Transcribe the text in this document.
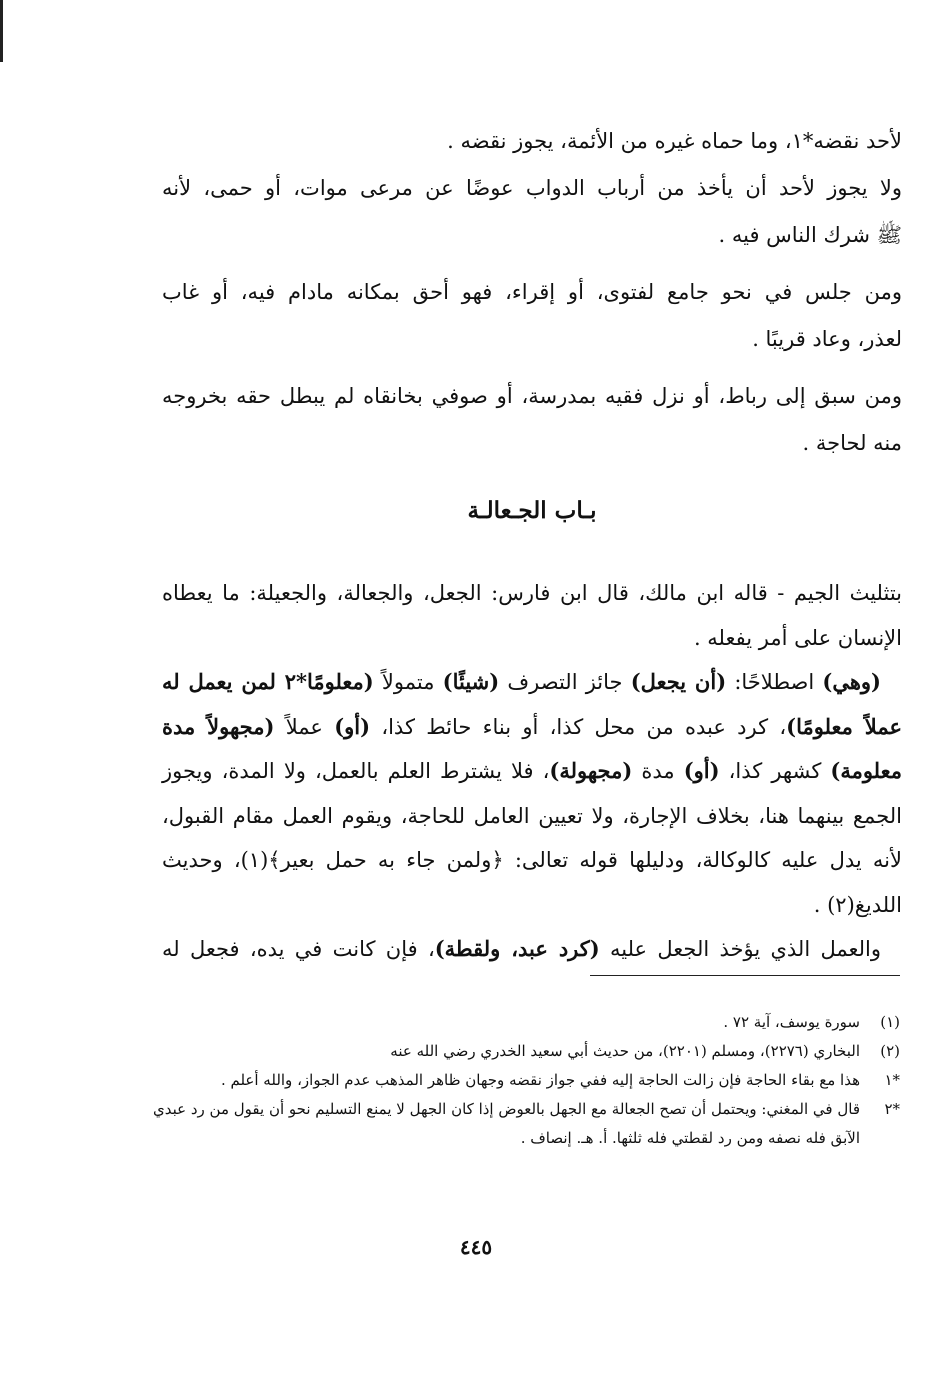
لأحد نقضه*١، وما حماه غيره من الأئمة، يجوز نقضه .
ولا يجوز لأحد أن يأخذ من أرباب الدواب عوضًا عن مرعى موات، أو حمى، لأنه
ﷺ شرك الناس فيه .
ومن جلس في نحو جامع لفتوى، أو إقراء، فهو أحق بمكانه مادام فيه، أو غاب
لعذر، وعاد قريبًا .
ومن سبق إلى رباط، أو نزل فقيه بمدرسة، أو صوفي بخانقاه لم يبطل حقه بخروجه
منه لحاجة .
بـاب الجـعالـة
بتثليث الجيم - قاله ابن مالك، قال ابن فارس: الجعل، والجعالة، والجعيلة: ما يعطاه
الإنسان على أمر يفعله .
 (وهي) اصطلاحًا: (أن يجعل) جائز التصرف (شيئًا) متمولاً (معلومًا*٢ لمن يعمل له
عملاً معلومًا)، كرد عبده من محل كذا، أو بناء حائط كذا، (أو) عملاً (مجهولاً مدة
معلومة) كشهر كذا، (أو) مدة (مجهولة)، فلا يشترط العلم بالعمل، ولا المدة، ويجوز
الجمع بينهما هنا، بخلاف الإجارة، ولا تعيين العامل للحاجة، ويقوم العمل مقام القبول،
لأنه يدل عليه كالوكالة، ودليلها قوله تعالى: ﴿ولمن جاء به حمل بعير﴾(١)، وحديث
اللديغ(٢) .
 والعمل الذي يؤخذ الجعل عليه (كرد عبد، ولقطة)، فإن كانت في يده، فجعل له
(١)
سورة يوسف، آية ٧٢ .
(٢)
البخاري (٢٢٧٦)، ومسلم (٢٢٠١)، من حديث أبي سعيد الخدري رضي الله عنه
*١
هذا مع بقاء الحاجة فإن زالت الحاجة إليه ففي جواز نقضه وجهان ظاهر المذهب عدم الجواز، والله أعلم .
*٢
قال في المغني: ويحتمل أن تصح الجعالة مع الجهل بالعوض إذا كان الجهل لا يمنع التسليم نحو أن يقول من رد عبدي الآبق فله نصفه ومن رد لقطتي فله ثلثها. أ. هـ. إنصاف .
٤٤٥
